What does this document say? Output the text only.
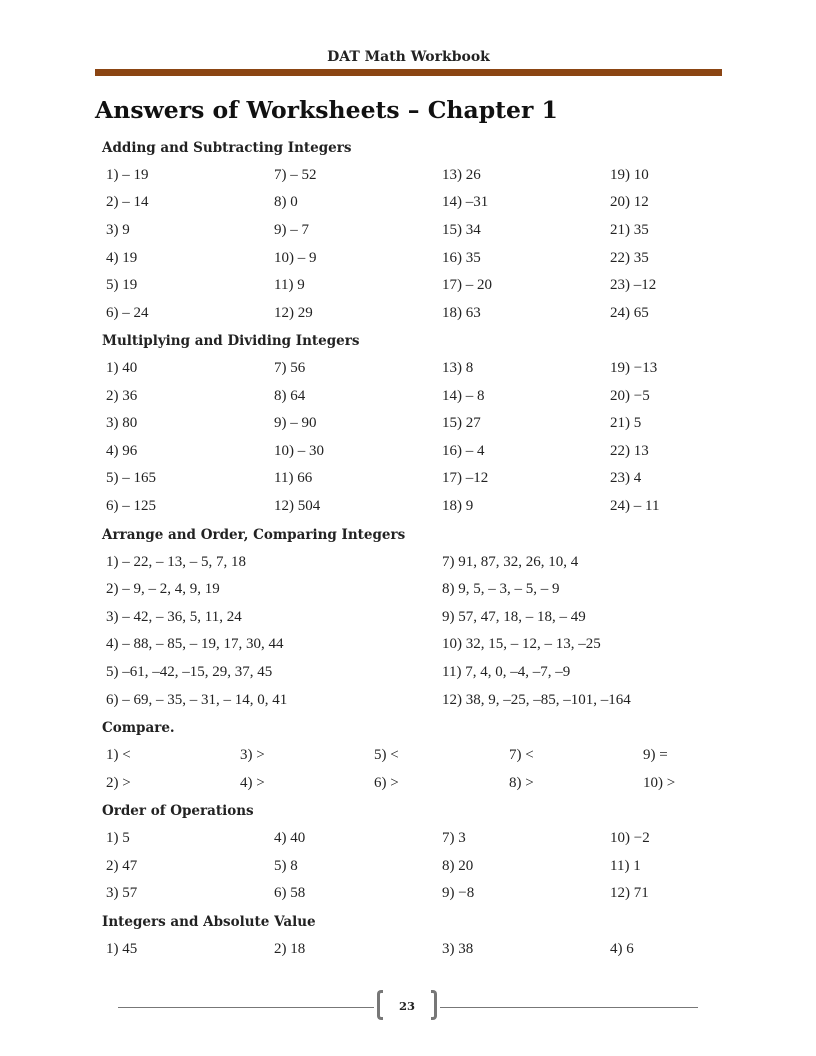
DAT Math Workbook
Answers of Worksheets – Chapter 1
Adding and Subtracting Integers
1) – 19	7) – 52	13) 26	19) 10
2) – 14	8) 0	14) –31	20) 12
3) 9	9) – 7	15) 34	21) 35
4) 19	10) – 9	16) 35	22) 35
5) 19	11) 9	17) – 20	23) –12
6) – 24	12) 29	18) 63	24) 65
Multiplying and Dividing Integers
1) 40	7) 56	13) 8	19) −13
2) 36	8) 64	14) – 8	20) −5
3) 80	9) – 90	15) 27	21) 5
4) 96	10) – 30	16) – 4	22) 13
5) – 165	11) 66	17) –12	23) 4
6) – 125	12) 504	18) 9	24) – 11
Arrange and Order, Comparing Integers
1) – 22, – 13, – 5, 7, 18	7) 91, 87, 32, 26, 10, 4
2) – 9, – 2, 4, 9, 19	8) 9, 5, – 3, – 5, – 9
3) – 42, – 36, 5, 11, 24	9) 57, 47, 18, – 18, – 49
4) – 88, – 85, – 19, 17, 30, 44	10) 32, 15, – 12, – 13, –25
5) –61, –42, –15, 29, 37, 45	11) 7, 4, 0, –4, –7, –9
6) – 69, – 35, – 31, – 14, 0, 41	12) 38, 9, –25, –85, –101, –164
Compare.
1) <	3) >	5) <	7) <	9) =
2) >	4) >	6) >	8) >	10) >
Order of Operations
1) 5	4) 40	7) 3	10) −2
2) 47	5) 8	8) 20	11) 1
3) 57	6) 58	9) −8	12) 71
Integers and Absolute Value
1) 45	2) 18	3) 38	4) 6
23
